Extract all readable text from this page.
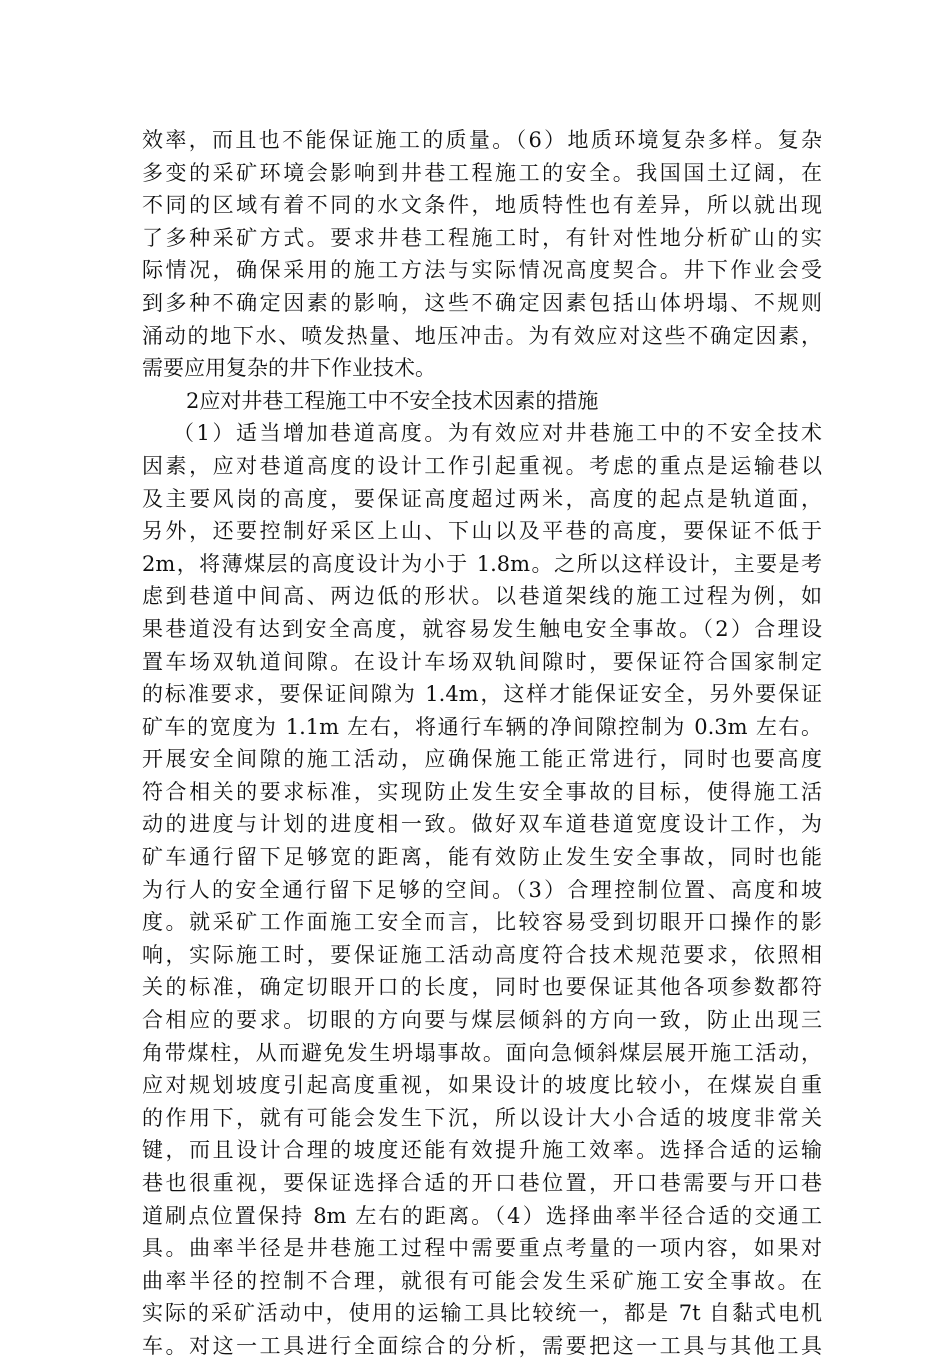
效率，而且也不能保证施工的质量。（6）地质环境复杂多样。复杂
多变的采矿环境会影响到井巷工程施工的安全。我国国土辽阔，在
不同的区域有着不同的水文条件，地质特性也有差异，所以就出现
了多种采矿方式。要求井巷工程施工时，有针对性地分析矿山的实
际情况，确保采用的施工方法与实际情况高度契合。井下作业会受
到多种不确定因素的影响，这些不确定因素包括山体坍塌、不规则
涌动的地下水、喷发热量、地压冲击。为有效应对这些不确定因素，
需要应用复杂的井下作业技术。
2应对井巷工程施工中不安全技术因素的措施
（1）适当增加巷道高度。为有效应对井巷施工中的不安全技术
因素，应对巷道高度的设计工作引起重视。考虑的重点是运输巷以
及主要风岗的高度，要保证高度超过两米，高度的起点是轨道面，
另外，还要控制好采区上山、下山以及平巷的高度，要保证不低于
2m，将薄煤层的高度设计为小于 1.8m。之所以这样设计，主要是考
虑到巷道中间高、两边低的形状。以巷道架线的施工过程为例，如
果巷道没有达到安全高度，就容易发生触电安全事故。（2）合理设
置车场双轨道间隙。在设计车场双轨间隙时，要保证符合国家制定
的标准要求，要保证间隙为 1.4m，这样才能保证安全，另外要保证
矿车的宽度为 1.1m 左右，将通行车辆的净间隙控制为 0.3m 左右。
开展安全间隙的施工活动，应确保施工能正常进行，同时也要高度
符合相关的要求标准，实现防止发生安全事故的目标，使得施工活
动的进度与计划的进度相一致。做好双车道巷道宽度设计工作，为
矿车通行留下足够宽的距离，能有效防止发生安全事故，同时也能
为行人的安全通行留下足够的空间。（3）合理控制位置、高度和坡
度。就采矿工作面施工安全而言，比较容易受到切眼开口操作的影
响，实际施工时，要保证施工活动高度符合技术规范要求，依照相
关的标准，确定切眼开口的长度，同时也要保证其他各项参数都符
合相应的要求。切眼的方向要与煤层倾斜的方向一致，防止出现三
角带煤柱，从而避免发生坍塌事故。面向急倾斜煤层展开施工活动，
应对规划坡度引起高度重视，如果设计的坡度比较小，在煤炭自重
的作用下，就有可能会发生下沉，所以设计大小合适的坡度非常关
键，而且设计合理的坡度还能有效提升施工效率。选择合适的运输
巷也很重视，要保证选择合适的开口巷位置，开口巷需要与开口巷
道刷点位置保持 8m 左右的距离。（4）选择曲率半径合适的交通工
具。曲率半径是井巷施工过程中需要重点考量的一项内容，如果对
曲率半径的控制不合理，就很有可能会发生采矿施工安全事故。在
实际的采矿活动中，使用的运输工具比较统一，都是 7t 自黏式电机
车。对这一工具进行全面综合的分析，需要把这一工具与其他工具
